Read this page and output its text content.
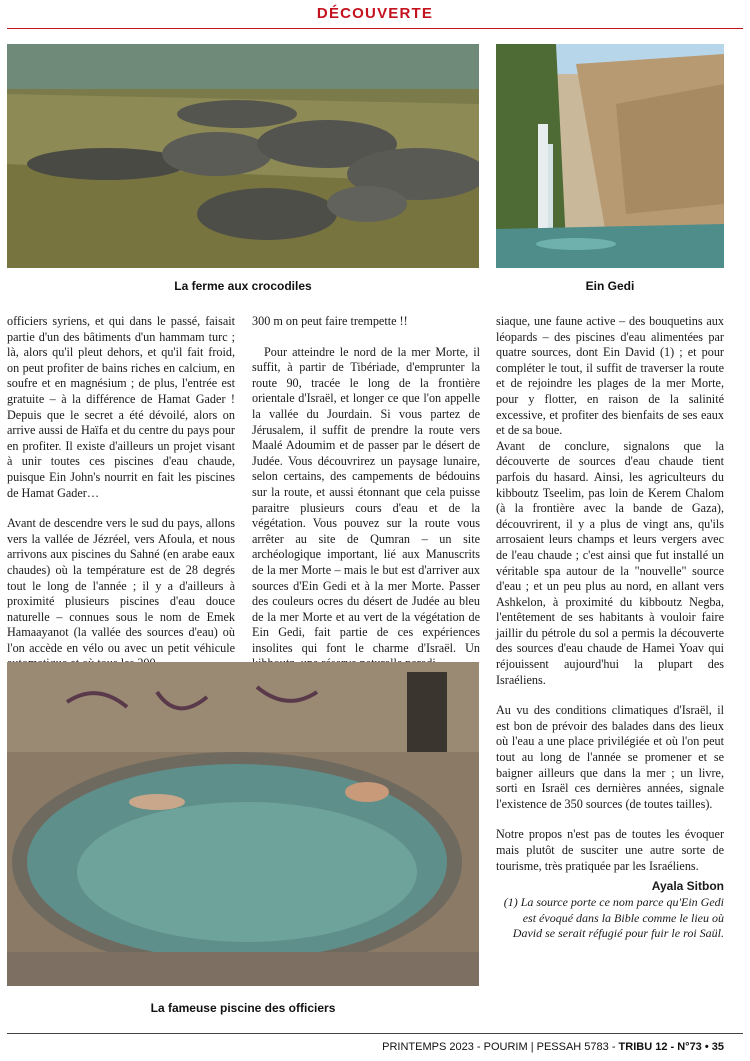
DÉCOUVERTE
La ferme aux crocodiles	Ein Gedi

officiers syriens, et qui dans le passé, faisait partie d'un des bâtiments d'un hammam turc ; là, alors qu'il pleut dehors, et qu'il fait froid, on peut profiter de bains riches en calcium, en soufre et en magnésium ; de plus, l'entrée est gratuite – à la différence de Hamat Gader ! Depuis que le secret a été dévoilé, alors on arrive aussi de Haïfa et du centre du pays pour en profiter. Il existe d'ailleurs un projet visant à unir toutes ces piscines d'eau chaude, puisque Ein John's nourrit en fait les piscines de Hamat Gader…

Avant de descendre vers le sud du pays, allons vers la vallée de Jézréel, vers Afoula, et nous arrivons aux piscines du Sahné (en arabe eaux chaudes) où la température est de 28 degrés tout le long de l'année ; il y a d'ailleurs à proximité plusieurs piscines d'eau douce naturelle – connues sous le nom de Emek Hamaayanot (la vallée des sources d'eau) où l'on accède en vélo ou avec un petit véhicule

300 m on peut faire trempette !!

Pour atteindre le nord de la mer Morte, il suffit, à partir de Tibériade, d'emprunter la route 90, tracée le long de la frontière orientale d'Israël, et longer ce que l'on appelle la vallée du Jourdain. Si vous partez de Jérusalem, il suffit de prendre la route vers Maalé Adoumim et de passer par le désert de Judée. Vous découvrirez un paysage lunaire, selon certains, des campements de bédouins sur la route, et aussi étonnant que cela puisse paraitre plusieurs cours d'eau et de la végétation. Vous pouvez sur la route vous arrêter au site de Qumran – un site archéologique important, lié aux Manuscrits de la mer Morte – mais le but est d'arriver aux sources d'Ein Gedi et à la mer Morte. Passer des couleurs ocres du désert de Judée au bleu de la mer Morte et au vert de la végétation de Ein Gedi, fait partie de ces expériences insolites qui font le charme d'Israël. Un

siaque, une faune active – des bouquetins aux léopards – des piscines d'eau alimentées par quatre sources, dont Ein David (1) ; et pour compléter le tout, il suffit de traverser la route et de rejoindre les plages de la mer Morte, pour y flotter, en raison de la salinité excessive, et profiter des bienfaits de ses eaux et de sa boue.

Avant de conclure, signalons que la découverte de sources d'eau chaude tient parfois du hasard. Ainsi, les agriculteurs du kibboutz Tseelim, pas loin de Kerem Chalom (à la frontière avec la bande de Gaza), découvrirent, il y a plus de vingt ans, qu'ils arrosaient leurs champs et leurs vergers avec de l'eau chaude ; c'est ainsi que fut installé un véritable spa autour de la "nouvelle" source d'eau ; et un peu plus au nord, en allant vers Ashkelon, à proximité du kibboutz Negba, l'entêtement de ses habitants à vouloir faire jaillir du pétrole du sol a permis la découverte des sources d'eau chaude de Hamei Yoav qui réjouissent aujourd'hui la plupart des Israéliens.

Au vu des conditions climatiques d'Israël, il est bon de prévoir des balades dans des lieux où l'eau a une place privilégiée et où l'on peut tout au long de l'année se promener et se baigner ailleurs que dans la mer ; un livre, sorti en Israël ces dernières années, signale l'existence de 350 sources (de toutes tailles).

Notre propos n'est pas de toutes les évoquer mais plutôt de susciter une autre sorte de tourisme, très pratiquée par les Israéliens.

Ayala Sitbon
(1) La source porte ce nom parce qu'Ein Gedi est évoqué dans la Bible comme le lieu où David se serait réfugié pour fuir le roi Saül.
La fameuse piscine des officiers
PRINTEMPS 2023 - POURIM | PESSAH 5783 - TRIBU 12 - N°73 • 35
